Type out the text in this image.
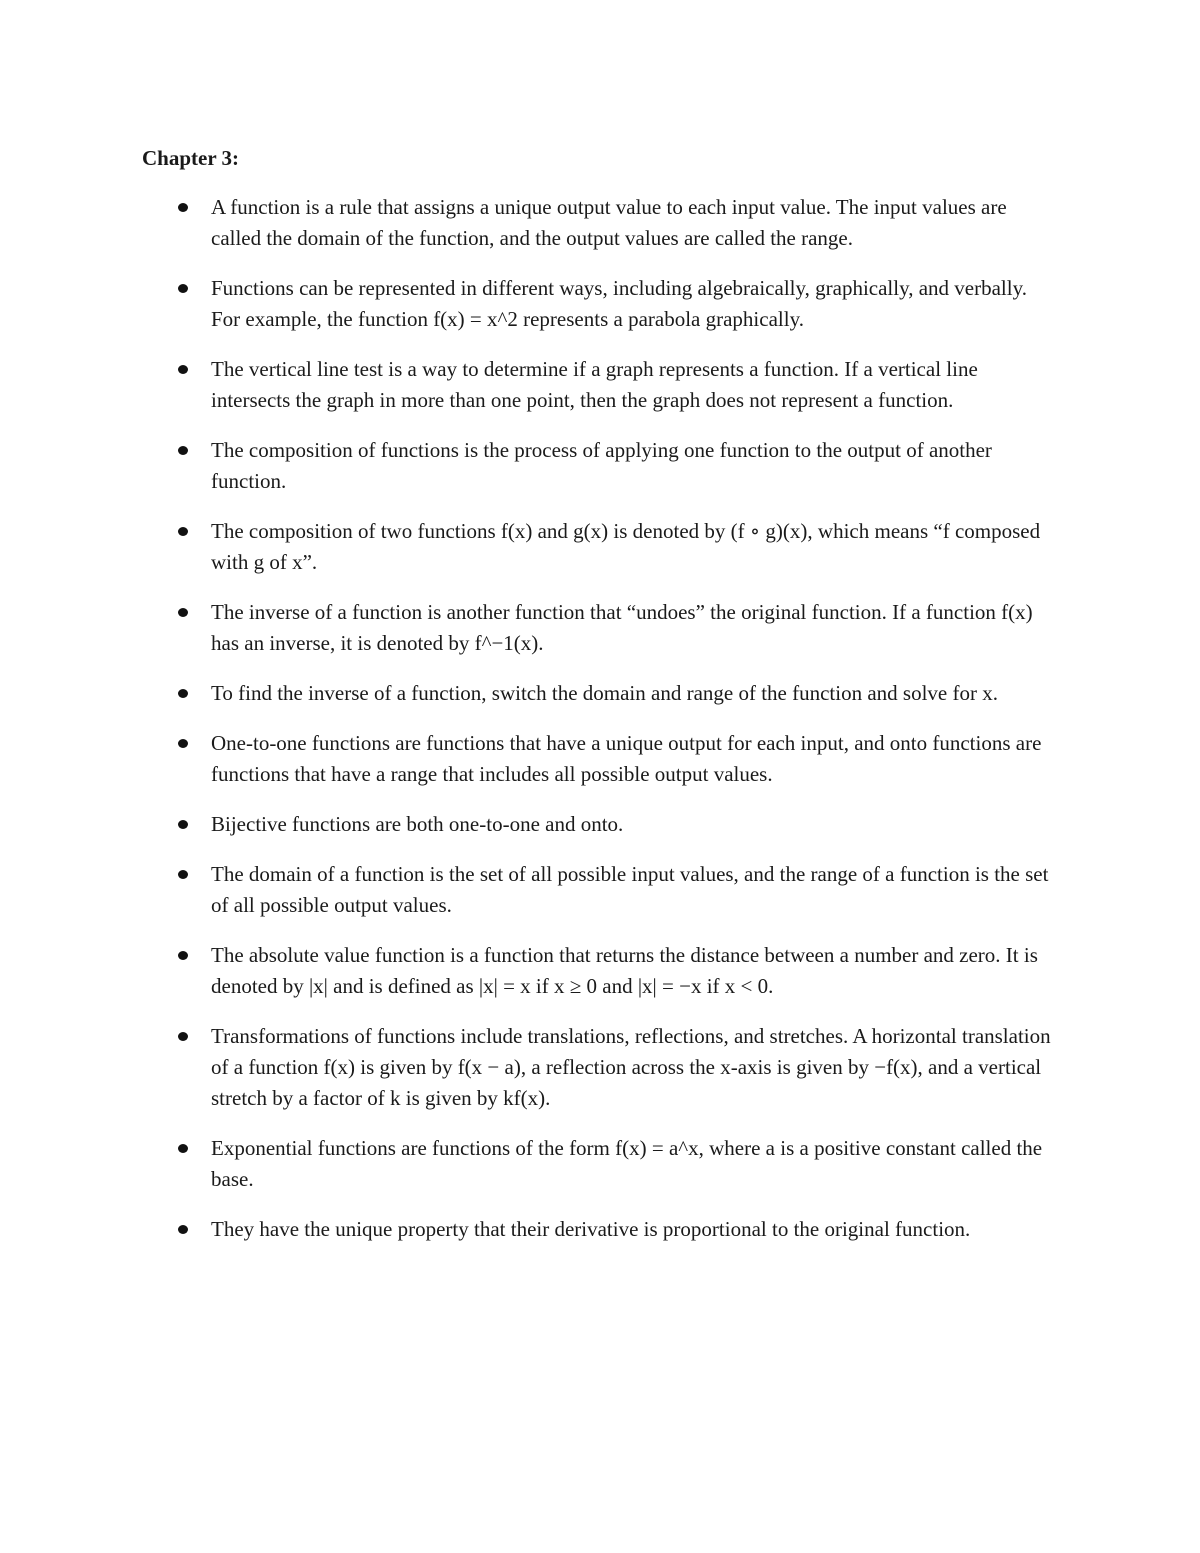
Chapter 3:
A function is a rule that assigns a unique output value to each input value. The input values are called the domain of the function, and the output values are called the range.
Functions can be represented in different ways, including algebraically, graphically, and verbally. For example, the function f(x) = x^2 represents a parabola graphically.
The vertical line test is a way to determine if a graph represents a function. If a vertical line intersects the graph in more than one point, then the graph does not represent a function.
The composition of functions is the process of applying one function to the output of another function.
The composition of two functions f(x) and g(x) is denoted by (f ∘ g)(x), which means “f composed with g of x”.
The inverse of a function is another function that “undoes” the original function. If a function f(x) has an inverse, it is denoted by f^−1(x).
To find the inverse of a function, switch the domain and range of the function and solve for x.
One-to-one functions are functions that have a unique output for each input, and onto functions are functions that have a range that includes all possible output values.
Bijective functions are both one-to-one and onto.
The domain of a function is the set of all possible input values, and the range of a function is the set of all possible output values.
The absolute value function is a function that returns the distance between a number and zero. It is denoted by |x| and is defined as |x| = x if x ≥ 0 and |x| = −x if x < 0.
Transformations of functions include translations, reflections, and stretches. A horizontal translation of a function f(x) is given by f(x − a), a reflection across the x-axis is given by −f(x), and a vertical stretch by a factor of k is given by kf(x).
Exponential functions are functions of the form f(x) = a^x, where a is a positive constant called the base.
They have the unique property that their derivative is proportional to the original function.
